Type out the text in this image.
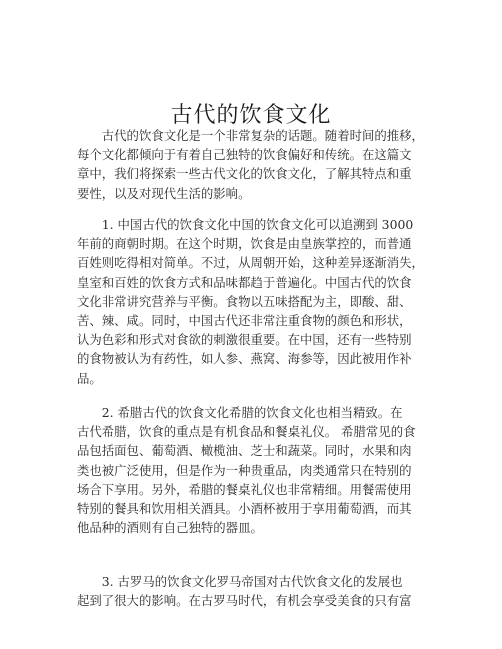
古代的饮食文化

　　古代的饮食文化是一个非常复杂的话题。随着时间的推移，
每个文化都倾向于有着自己独特的饮食偏好和传统。在这篇文
章中，我们将探索一些古代文化的饮食文化，了解其特点和重
要性，以及对现代生活的影响。

　　1. 中国古代的饮食文化中国的饮食文化可以追溯到 3000
年前的商朝时期。在这个时期，饮食是由皇族掌控的，而普通
百姓则吃得相对简单。不过，从周朝开始，这种差异逐渐消失，
皇室和百姓的饮食方式和品味都趋于普遍化。中国古代的饮食
文化非常讲究营养与平衡。食物以五味搭配为主，即酸、甜、
苦、辣、咸。同时，中国古代还非常注重食物的颜色和形状，
认为色彩和形式对食欲的刺激很重要。在中国，还有一些特别
的食物被认为有药性，如人参、燕窝、海参等，因此被用作补
品。

　　2. 希腊古代的饮食文化希腊的饮食文化也相当精致。在
古代希腊，饮食的重点是有机食品和餐桌礼仪。 希腊常见的食
品包括面包、葡萄酒、橄榄油、芝士和蔬菜。同时，水果和肉
类也被广泛使用，但是作为一种贵重品，肉类通常只在特别的
场合下享用。另外，希腊的餐桌礼仪也非常精细。用餐需使用
特别的餐具和饮用相关酒具。小酒杯被用于享用葡萄酒，而其
他品种的酒则有自己独特的器皿。

　　3. 古罗马的饮食文化罗马帝国对古代饮食文化的发展也
起到了很大的影响。在古罗马时代，有机会享受美食的只有富
